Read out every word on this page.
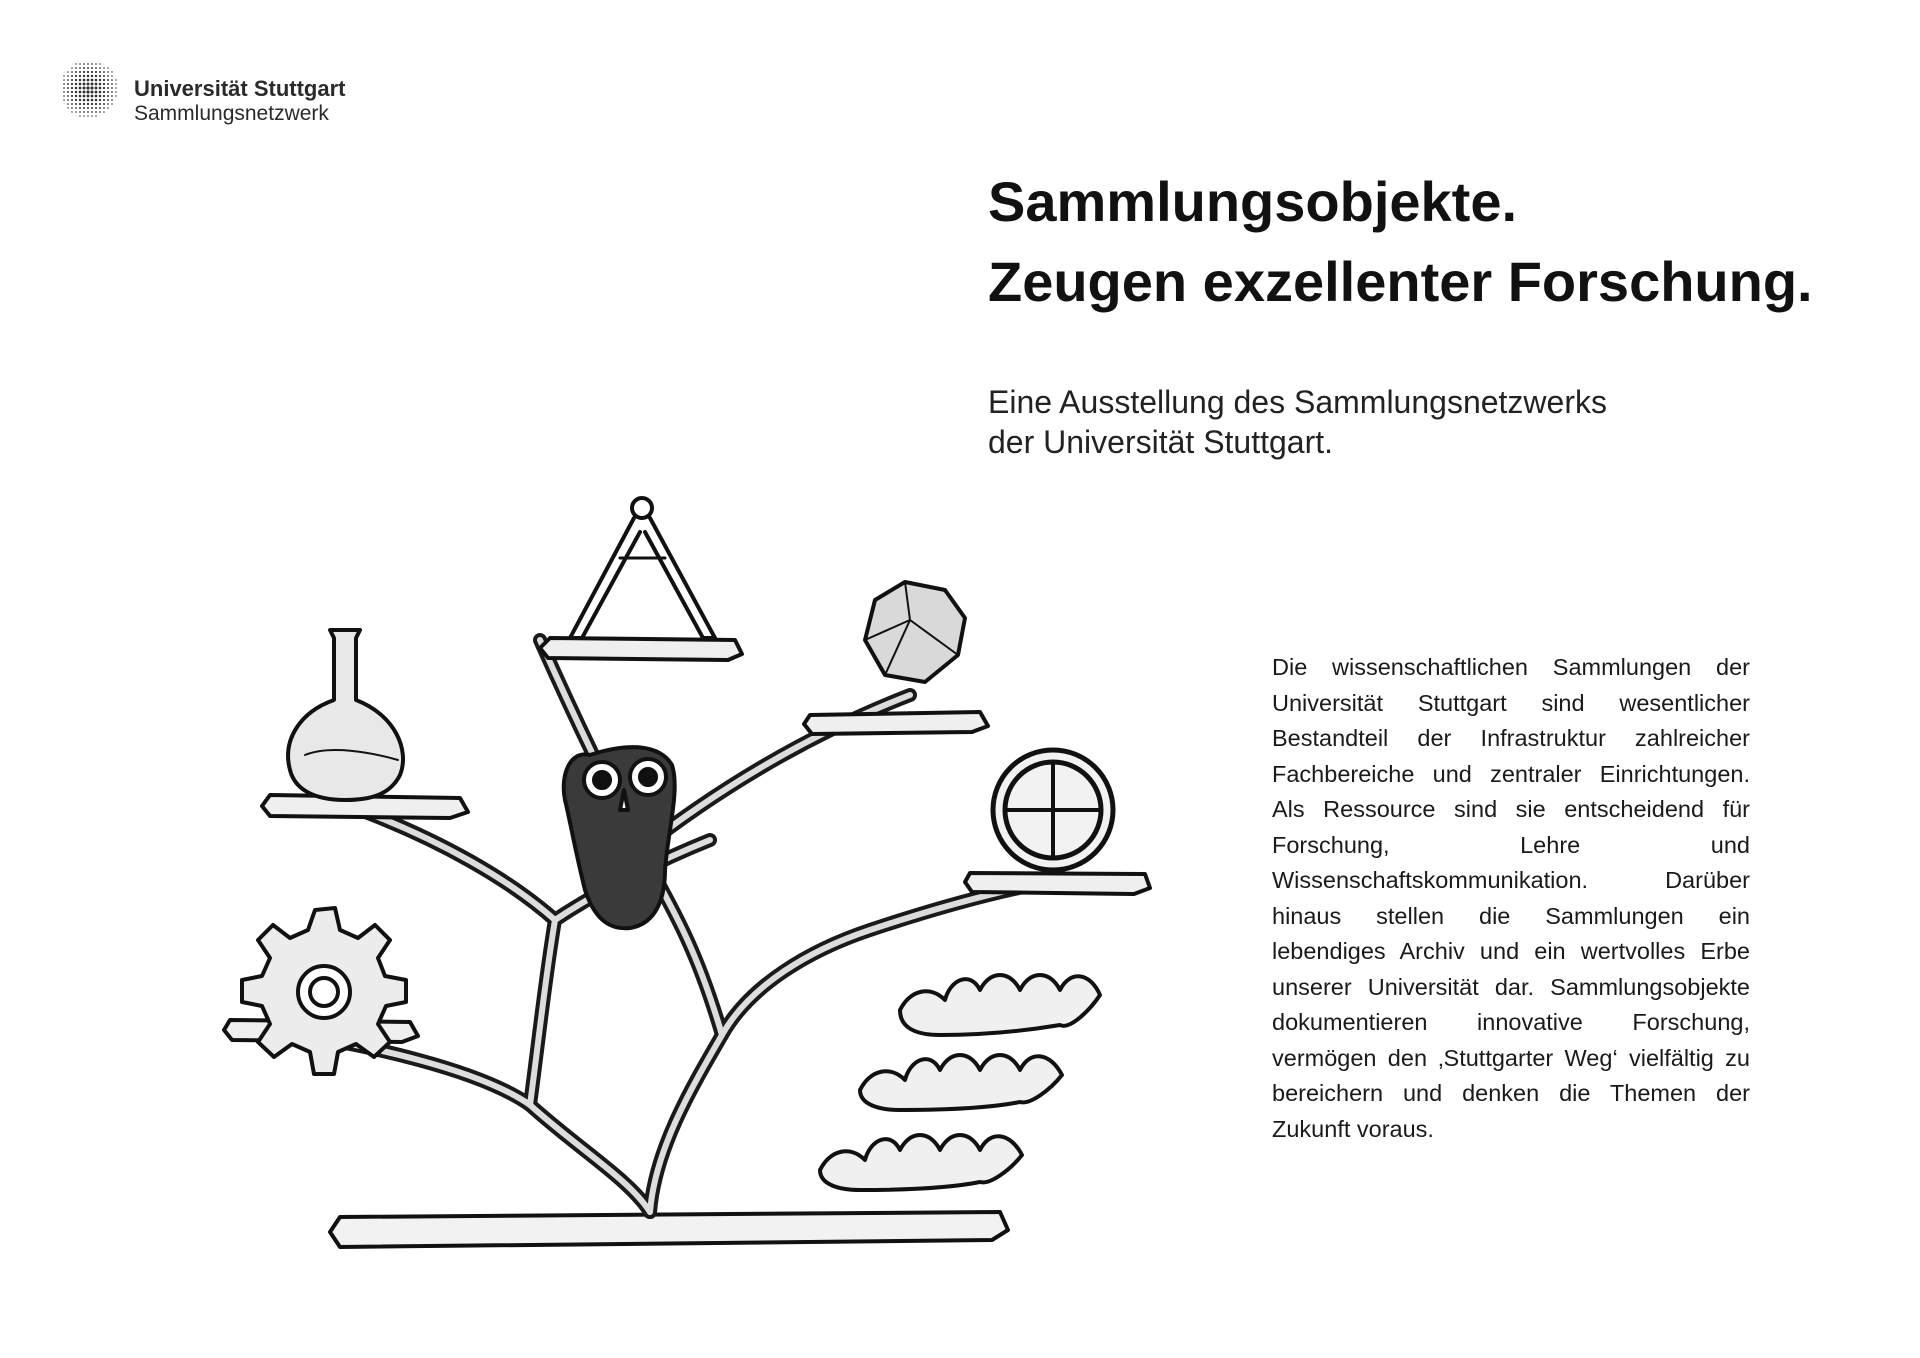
Universität Stuttgart
Sammlungsnetzwerk
Sammlungsobjekte.
Zeugen exzellenter Forschung.
Eine Ausstellung des Sammlungsnetzwerks
der Universität Stuttgart.
Die wissenschaftlichen Sammlungen der Universität Stuttgart sind wesentlicher Bestandteil der Infrastruktur zahlreicher Fachbereiche und zentraler Einrichtungen. Als Ressource sind sie entscheidend für Forschung, Lehre und Wissenschaftskommunikation. Darüber hinaus stellen die Sammlungen ein lebendiges Archiv und ein wertvolles Erbe unserer Universität dar. Sammlungsobjekte dokumentieren innovative Forschung, vermögen den ‚Stuttgarter Weg‘ vielfältig zu bereichern und denken die Themen der Zukunft voraus.
